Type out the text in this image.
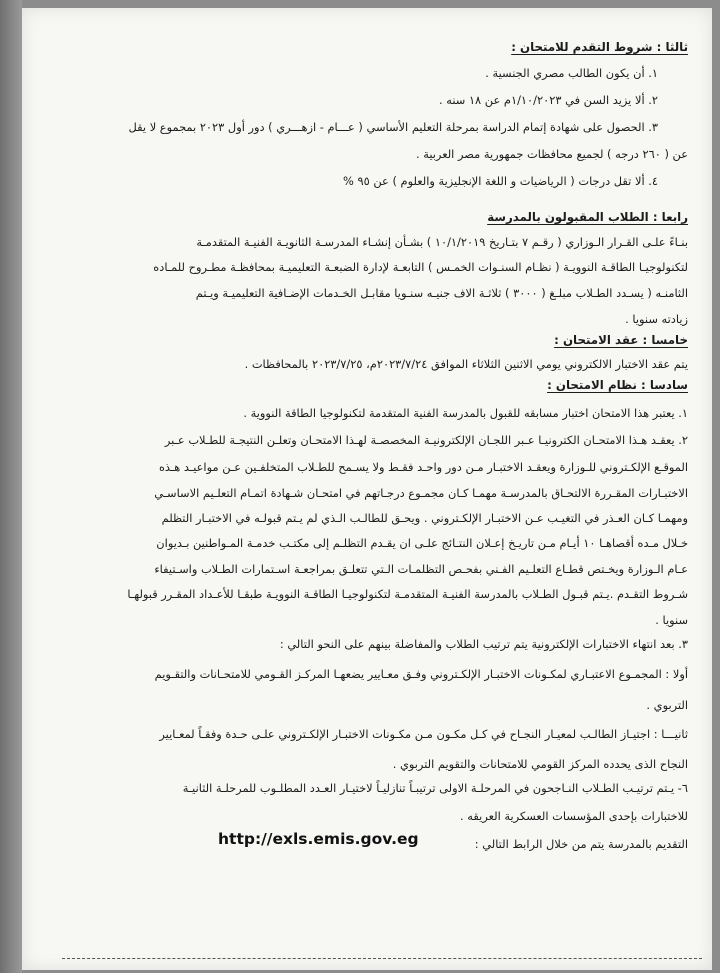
ثالثا : شروط التقدم للامتحان :
١. أن يكون الطالب مصري الجنسية .
٢. ألا يزيد السن في ١/١٠/٢٠٢٣م عن ١٨ سنه .
٣. الحصول على شهادة إتمام الدراسة بمرحلة التعليم الأساسي ( عـــام - ازهـــري ) دور أول ٢٠٢٣ بمجموع لا يقل
عن ( ٢٦٠ درجه ) لجميع محافظات جمهورية مصر العربية .
٤. ألا تقل درجات ( الرياضيات و اللغة الإنجليزية والعلوم ) عن ٩٥ %
رابعا : الطلاب المقبولون بالمدرسة
بنـاءً علـى القـرار الـوزاري ( رقـم ٧ بتـاريخ ١٠/١/٢٠١٩ ) بشـأن إنشـاء المدرسـة الثانويـة الفنيـة المتقدمـة
لتكنولوجيـا الطاقـة النوويـة ( نظـام السنـوات الخمـس ) التابعـة لإدارة الضبعـة التعليميـة بمحافظـة مطـروح للمـاده
الثامنـه ( يسـدد الطـلاب مبلـغ ( ٣٠٠٠ ) ثلاثـة الاف جنيـه سنـويا مقابـل الخـدمات الإضـافية التعليميـة ويـتم
زيادته سنويا .
خامسا : عقد الامتحان :
يتم عقد الاختبار الالكتروني يومي الاثنين الثلاثاء الموافق ٢٠٢٣/٧/٢٤م، ٢٠٢٣/٧/٢٥ بالمحافظات .
سادسا : نظام الامتحان :
١. يعتبر هذا الامتحان اختبار مسابقه للقبول بالمدرسة الفنية المتقدمة لتكنولوجيا الطاقة النووية .
٢. يعقـد هـذا الامتحـان الكترونيـا عـبر اللجـان الإلكترونيـة المخصصـة لهـذا الامتحـان وتعلـن النتيجـة للطـلاب عـبر
الموقـع الإلكـتروني للـوزارة ويعقـد الاختبـار مـن دور واحـد فقـط ولا يسـمح للطـلاب المتخلفـين عـن مواعيـد هـذه
الاختبـارات المقـررة الالتحـاق بالمدرسـة مهمـا كـان مجمـوع درجـاتهم في امتحـان شـهادة اتمـام التعلـيم الاساسـي
ومهمـا كـان العـذر في التغيـب عـن الاختبـار الإلكـتروني . ويحـق للطالـب الـذي لم يـتم قبولـه في الاختبـار التظلم
خـلال مـده أقصاهـا ١٠ أيـام مـن تاريـخ إعـلان النتـائج علـى ان يقـدم التظلـم إلى مكتـب خدمـة المـواطنين بـديوان
عـام الـوزارة ويخـتص قطـاع التعلـيم الفـني بفحـص التظلمـات الـتي تتعلـق بمراجعـة اسـتمارات الطـلاب واسـتيفاء
شـروط التقـدم .يـتم قبـول الطـلاب بالمدرسة الفنيـة المتقدمـة لتكنولوجيـا الطاقـة النوويـة طبقـا للأعـداد المقـرر قبولهـا
سنويا .
٣. بعد انتهاء الاختبارات الإلكترونية يتم ترتيب الطلاب والمفاضلة بينهم على النحو التالي :
أولا : المجمـوع الاعتبـاري لمكـونات الاختبـار الإلكـتروني وفـق معـايير يضعهـا المركـز القـومي للامتحـانات والتقـويم
التربوي .
ثانيـــا : اجتيـاز الطالـب لمعيـار النجـاح في كـل مكـون مـن مكـونات الاختبـار الإلكـتروني علـى حـدة وفقـاً لمعـايير
النجاح الذى يحدده المركز القومي للامتحانات والتقويم التربوي .
٦- يـتم ترتيـب الطـلاب النـاجحون في المرحلـة الاولى ترتيبـاً تنازليـاً لاختيـار العـدد المطلـوب للمرحلـة الثانيـة
للاختبارات بإحدى المؤسسات العسكرية العريقه .
التقديم بالمدرسة يتم من خلال الرابط التالي :
http://exls.emis.gov.eg
